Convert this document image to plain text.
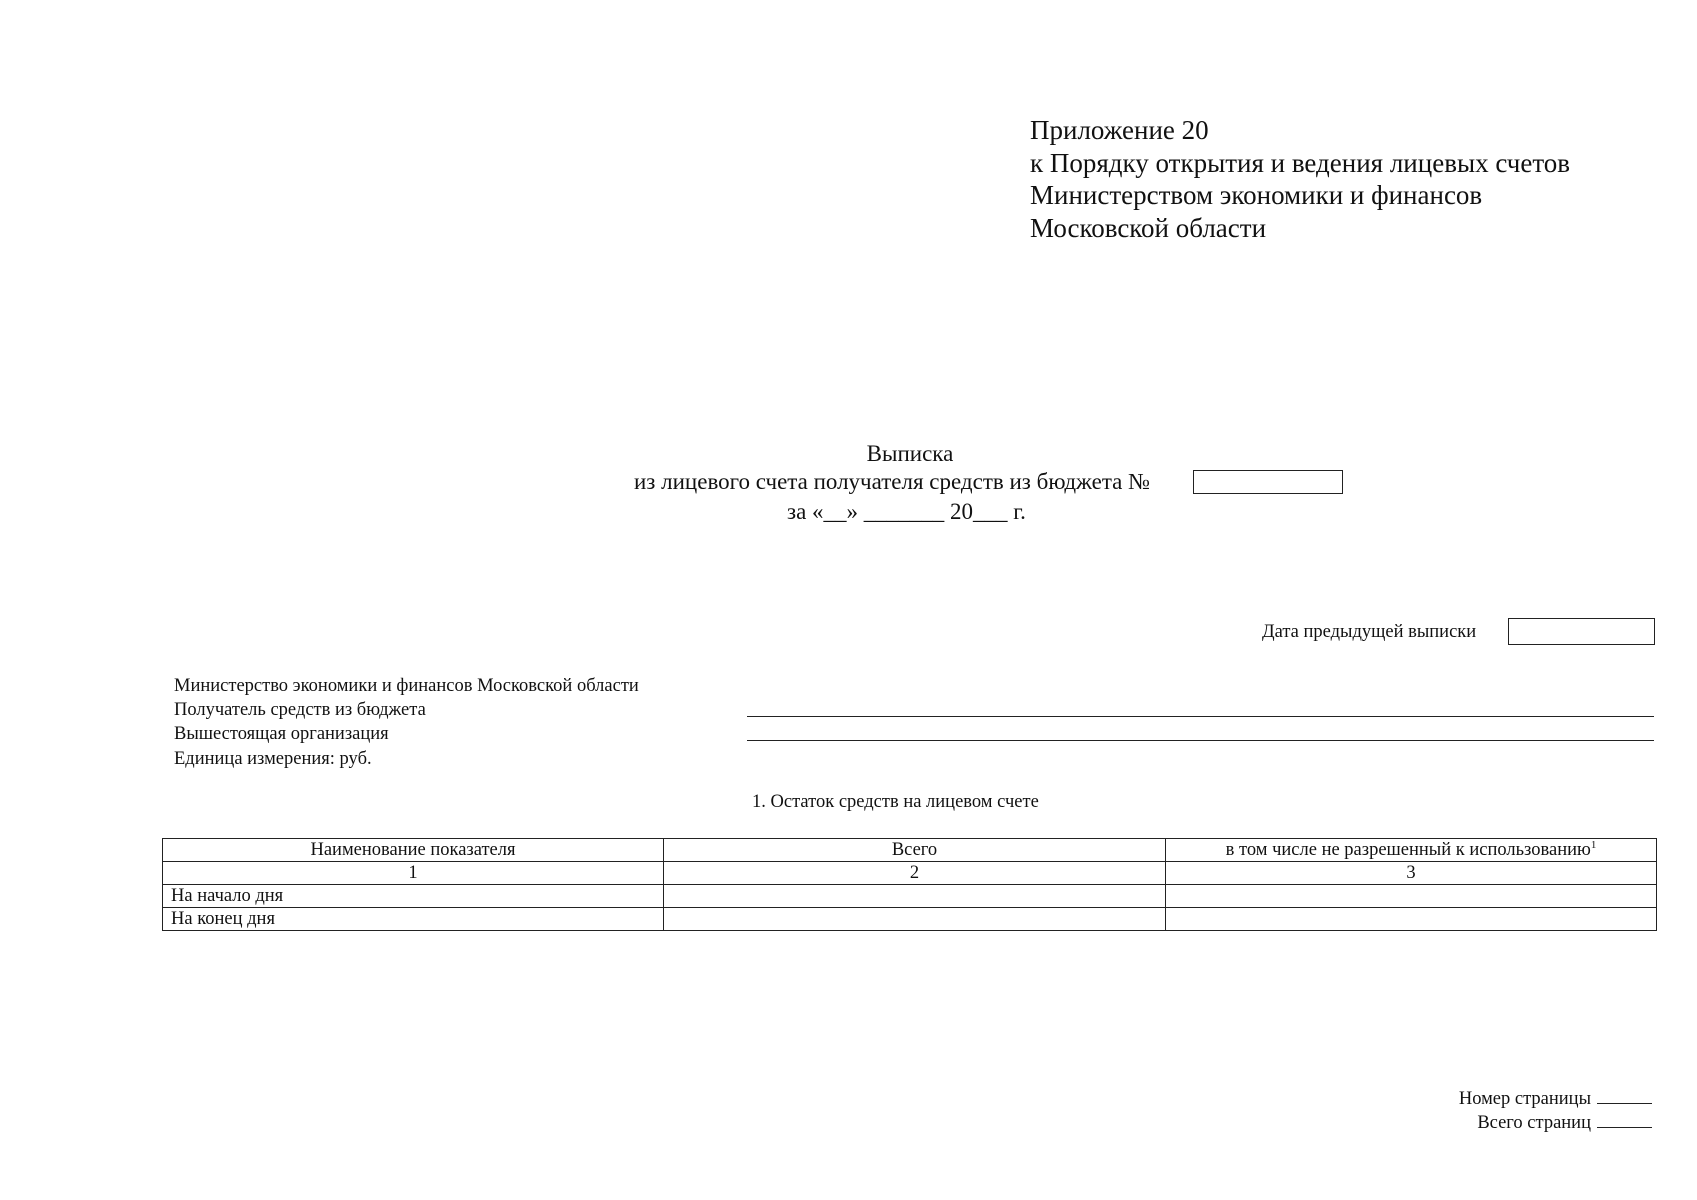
Приложение 20
к Порядку открытия и ведения лицевых счетов
Министерством экономики и финансов
Московской области
Выписка
из лицевого счета получателя средств из бюджета №
за «__» _______ 20___ г.
Дата предыдущей выписки
Министерство экономики и финансов Московской области
Получатель средств из бюджета
Вышестоящая организация
Единица измерения: руб.
1. Остаток средств на лицевом счете
Наименование показателя	Всего	в том числе не разрешенный к использованию$^1$
1	2	3
На начало дня		
На конец дня		
Номер страницы
Всего страниц
